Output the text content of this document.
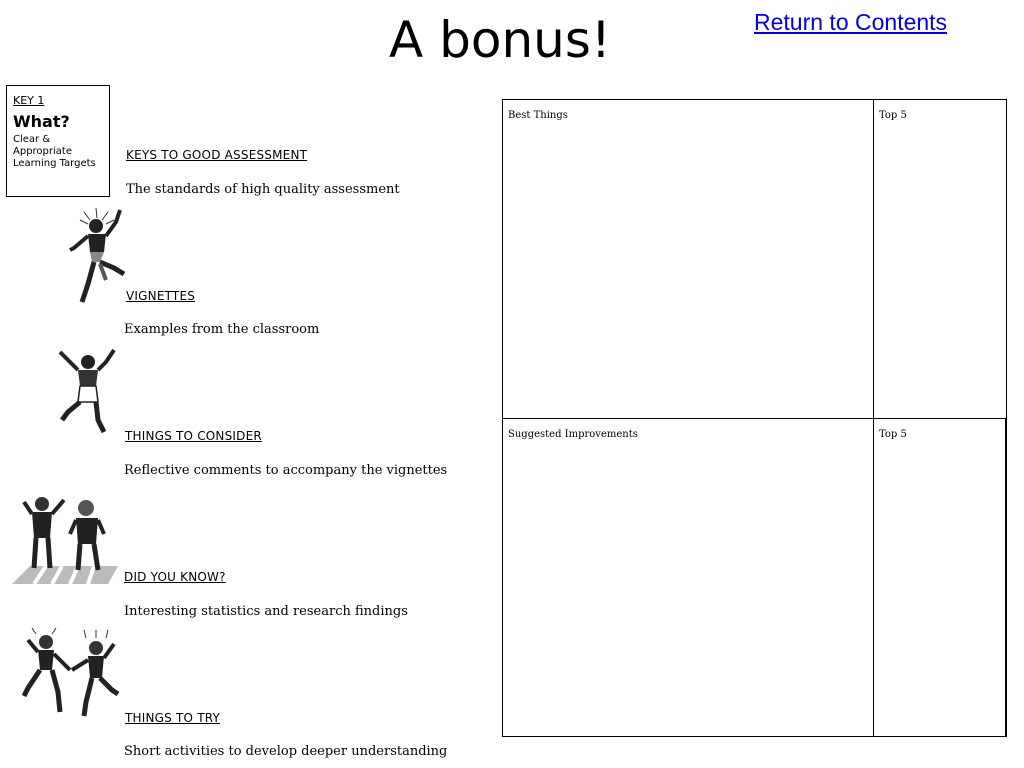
A bonus!	Return to Contents
KEY 1
What?
Clear &
Appropriate
Learning Targets
KEYS TO GOOD ASSESSMENT
The standards of high quality assessment
VIGNETTES
Examples from the classroom
THINGS TO CONSIDER
Reflective comments to accompany the vignettes
DID YOU KNOW?
Interesting statistics and research findings
THINGS TO TRY
Short activities to develop deeper understanding
Best Things	Top 5
Suggested Improvements	Top 5
